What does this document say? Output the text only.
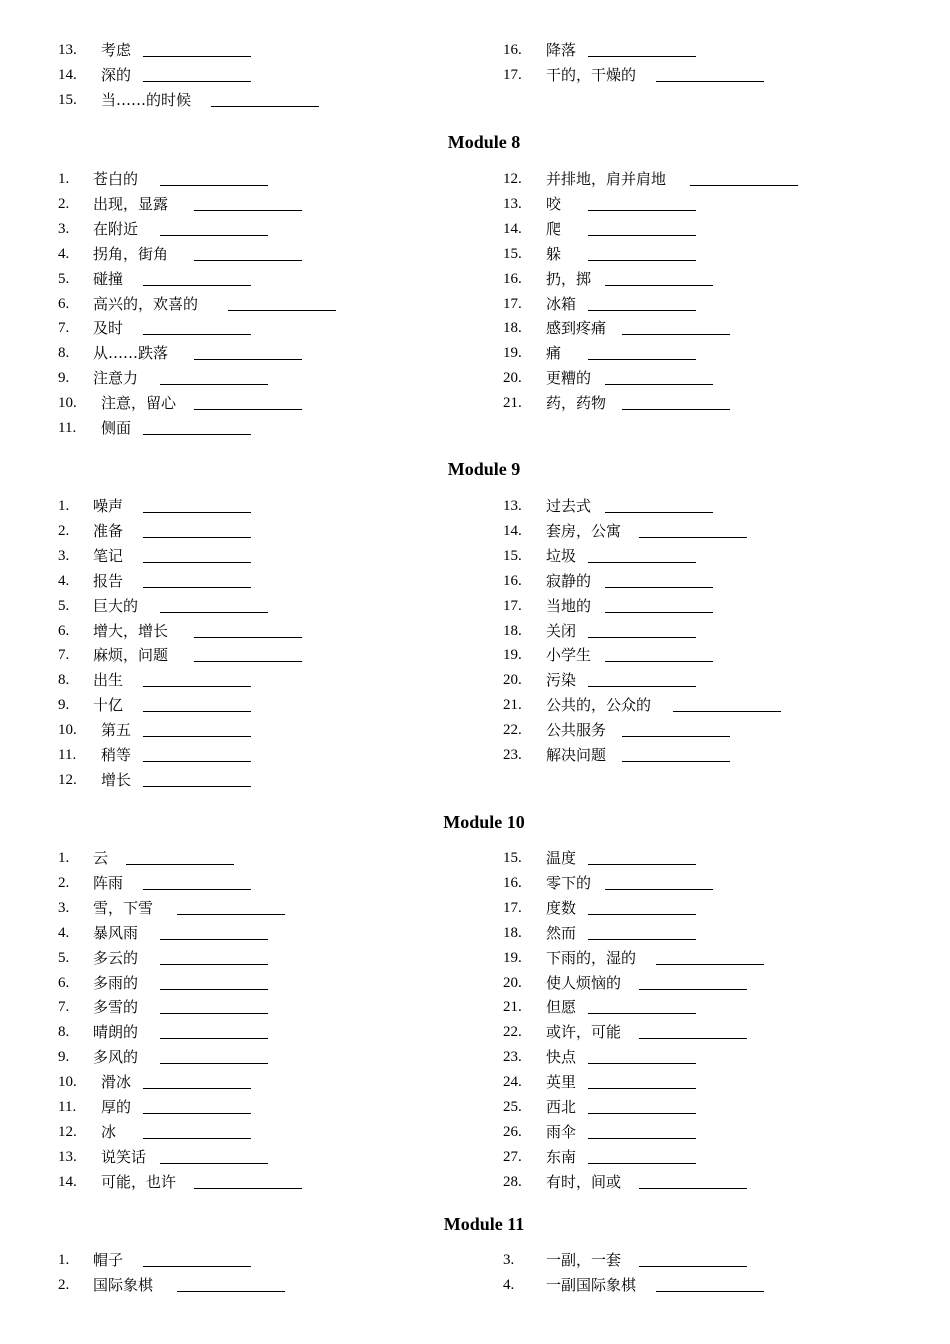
13. 考虑
14. 深的
15. 当……的时候
16. 降落
17. 干的，干燥的
Module 8
1. 苍白的
2. 出现，显露
3. 在附近
4. 拐角，街角
5. 碰撞
6. 高兴的，欢喜的
7. 及时
8. 从……跌落
9. 注意力
10. 注意，留心
11. 侧面
12. 并排地，肩并肩地
13. 咬
14. 爬
15. 躲
16. 扔，掷
17. 冰箱
18. 感到疼痛
19. 痛
20. 更糟的
21. 药，药物
Module 9
1. 噪声
2. 准备
3. 笔记
4. 报告
5. 巨大的
6. 增大，增长
7. 麻烦，问题
8. 出生
9. 十亿
10. 第五
11. 稍等
12. 增长
13. 过去式
14. 套房，公寓
15. 垃圾
16. 寂静的
17. 当地的
18. 关闭
19. 小学生
20. 污染
21. 公共的，公众的
22. 公共服务
23. 解决问题
Module 10
1. 云
2. 阵雨
3. 雪，下雪
4. 暴风雨
5. 多云的
6. 多雨的
7. 多雪的
8. 晴朗的
9. 多风的
10. 滑冰
11. 厚的
12. 冰
13. 说笑话
14. 可能，也许
15. 温度
16. 零下的
17. 度数
18. 然而
19. 下雨的，湿的
20. 使人烦恼的
21. 但愿
22. 或许，可能
23. 快点
24. 英里
25. 西北
26. 雨伞
27. 东南
28. 有时，间或
Module 11
1. 帽子
2. 国际象棋
3. 一副，一套
4. 一副国际象棋
